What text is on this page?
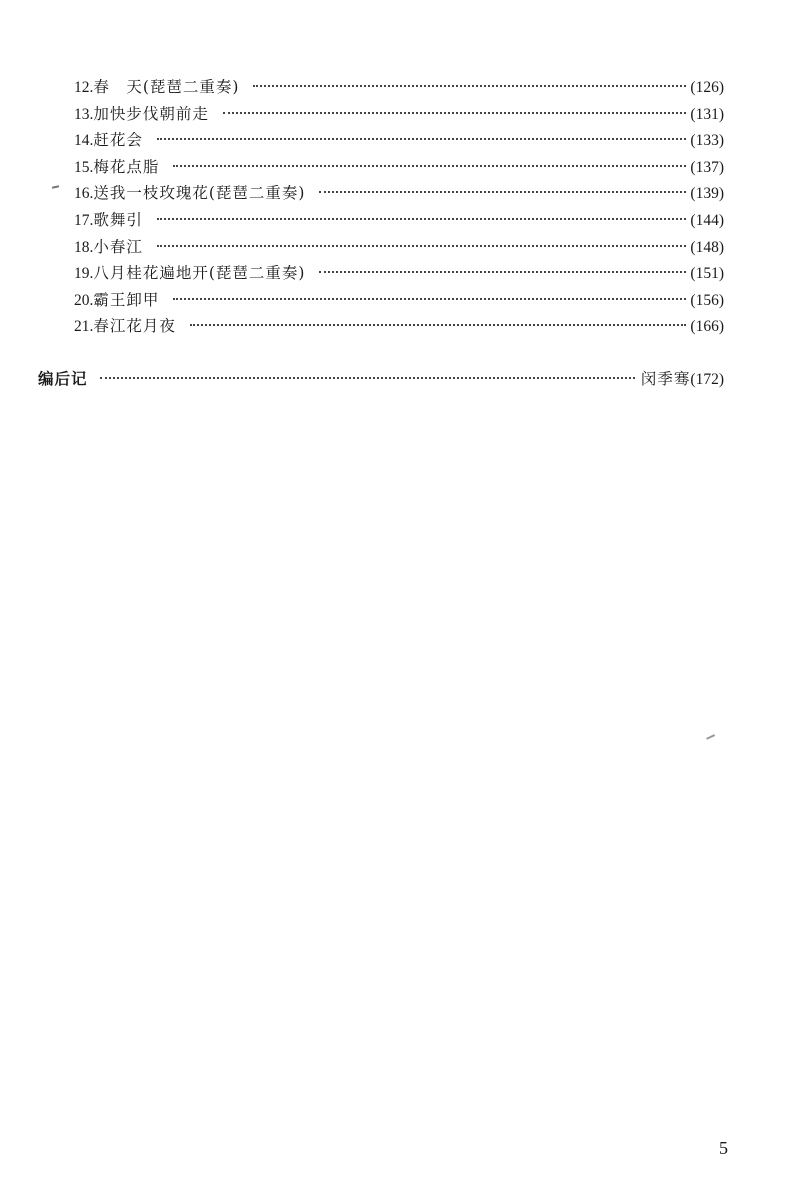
12. 春　天(琵琶二重奏)	(126)
13. 加快步伐朝前走	(131)
14. 赶花会	(133)
15. 梅花点脂	(137)
16. 送我一枝玫瑰花(琵琶二重奏)	(139)
17. 歌舞引	(144)
18. 小春江	(148)
19. 八月桂花遍地开(琵琶二重奏)	(151)
20. 霸王卸甲	(156)
21. 春江花月夜	(166)
编后记	闵季骞 (172)
5
